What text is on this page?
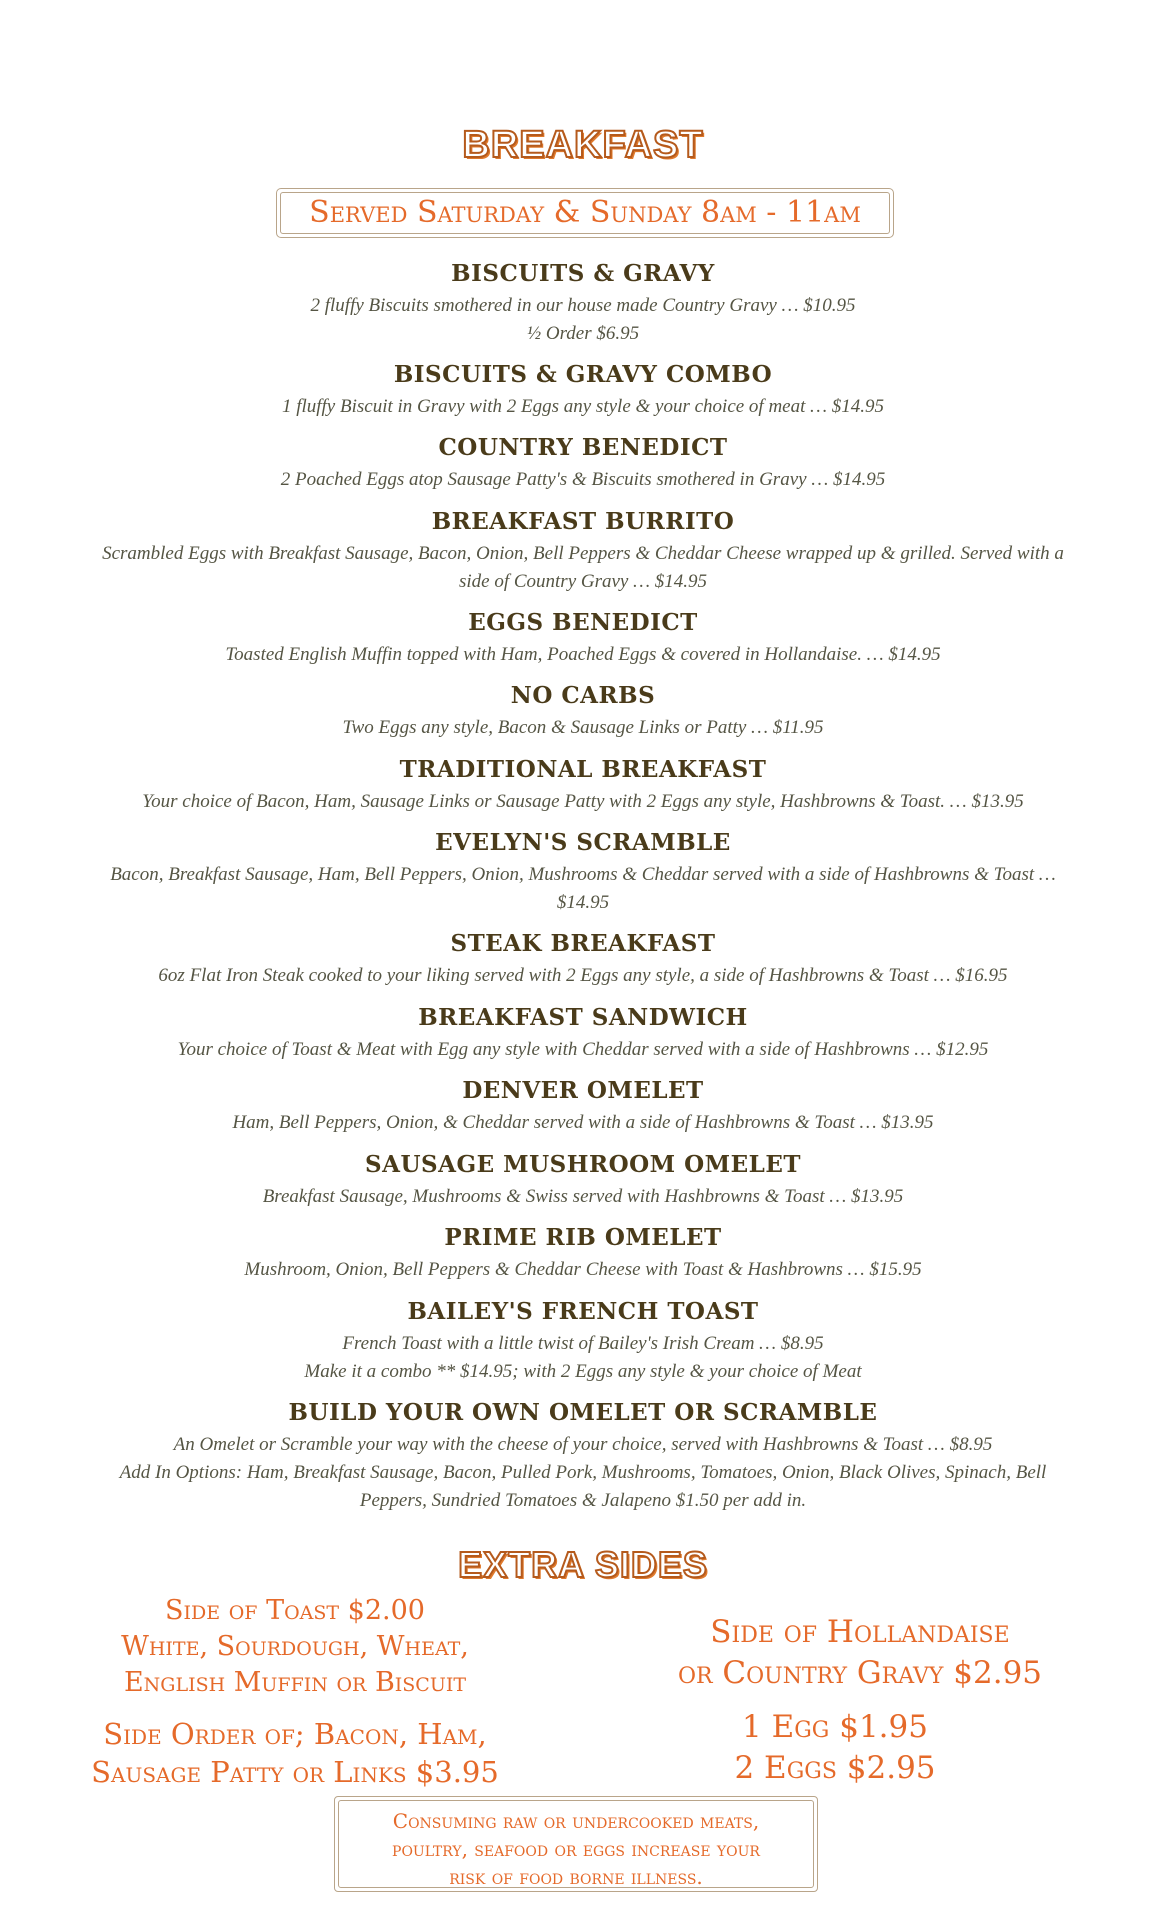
BREAKFAST
Served Saturday & Sunday 8am - 11am
BISCUITS & GRAVY
2 fluffy Biscuits smothered in our house made Country Gravy … $10.95
½ Order $6.95
BISCUITS & GRAVY COMBO
1 fluffy Biscuit in Gravy with 2 Eggs any style & your choice of meat … $14.95
COUNTRY BENEDICT
2 Poached Eggs atop Sausage Patty's & Biscuits smothered in Gravy … $14.95
BREAKFAST BURRITO
Scrambled Eggs with Breakfast Sausage, Bacon, Onion, Bell Peppers & Cheddar Cheese wrapped up & grilled. Served with a
side of Country Gravy … $14.95
EGGS BENEDICT
Toasted English Muffin topped with Ham, Poached Eggs & covered in Hollandaise. … $14.95
NO CARBS
Two Eggs any style, Bacon & Sausage Links or Patty … $11.95
TRADITIONAL BREAKFAST
Your choice of Bacon, Ham, Sausage Links or Sausage Patty with 2 Eggs any style, Hashbrowns & Toast. … $13.95
EVELYN'S SCRAMBLE
Bacon, Breakfast Sausage, Ham, Bell Peppers, Onion, Mushrooms & Cheddar served with a side of Hashbrowns & Toast …
$14.95
STEAK BREAKFAST
6oz Flat Iron Steak cooked to your liking served with 2 Eggs any style, a side of Hashbrowns & Toast … $16.95
BREAKFAST SANDWICH
Your choice of Toast & Meat with Egg any style with Cheddar served with a side of Hashbrowns … $12.95
DENVER OMELET
Ham, Bell Peppers, Onion, & Cheddar served with a side of Hashbrowns & Toast … $13.95
SAUSAGE MUSHROOM OMELET
Breakfast Sausage, Mushrooms & Swiss served with Hashbrowns & Toast … $13.95
PRIME RIB OMELET
Mushroom, Onion, Bell Peppers & Cheddar Cheese with Toast & Hashbrowns … $15.95
BAILEY'S FRENCH TOAST
French Toast with a little twist of Bailey's Irish Cream … $8.95
Make it a combo ** $14.95; with 2 Eggs any style & your choice of Meat
BUILD YOUR OWN OMELET OR SCRAMBLE
An Omelet or Scramble your way with the cheese of your choice, served with Hashbrowns & Toast … $8.95
Add In Options: Ham, Breakfast Sausage, Bacon, Pulled Pork, Mushrooms, Tomatoes, Onion, Black Olives, Spinach, Bell
Peppers, Sundried Tomatoes & Jalapeno $1.50 per add in.
EXTRA SIDES
Side of Toast $2.00
White, Sourdough, Wheat,
English Muffin or Biscuit
Side Order of; Bacon, Ham,
Sausage Patty or Links $3.95
Side of Hollandaise
or Country Gravy $2.95
1 Egg $1.95
2 Eggs $2.95
Consuming raw or undercooked meats,
poultry, seafood or eggs increase your
risk of food borne illness.
